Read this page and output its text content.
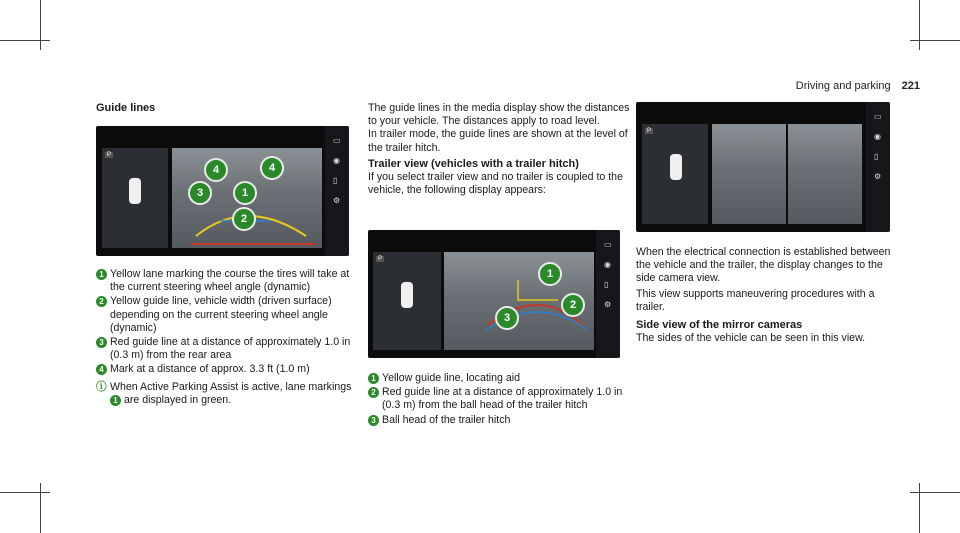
Driving and parking 221

Guide lines

P
▭
◉
▯
⚙
4	4
1
3
2
1 Yellow lane marking the course the tires will take at the current steering wheel angle (dynamic)
2 Yellow guide line, vehicle width (driven surface) depending on the current steering wheel angle (dynamic)
3 Red guide line at a distance of approximately 1.0 in (0.3 m) from the rear area
4 Mark at a distance of approx. 3.3 ft (1.0 m)
ⓘ When Active Parking Assist is active, lane markings 1 are displayed in green.

The guide lines in the media display show the distances to your vehicle. The distances apply to road level.

In trailer mode, the guide lines are shown at the level of the trailer hitch.

Trailer view (vehicles with a trailer hitch)

If you select trailer view and no trailer is coupled to the vehicle, the following display appears:

P
▭
◉
▯
⚙
1
2
3
1 Yellow guide line, locating aid
2 Red guide line at a distance of approximately 1.0 in (0.3 m) from the ball head of the trailer hitch
3 Ball head of the trailer hitch
P
▭
◉
▯
⚙

When the electrical connection is established between the vehicle and the trailer, the display changes to the side camera view.

This view supports maneuvering procedures with a trailer.

Side view of the mirror cameras

The sides of the vehicle can be seen in this view.
